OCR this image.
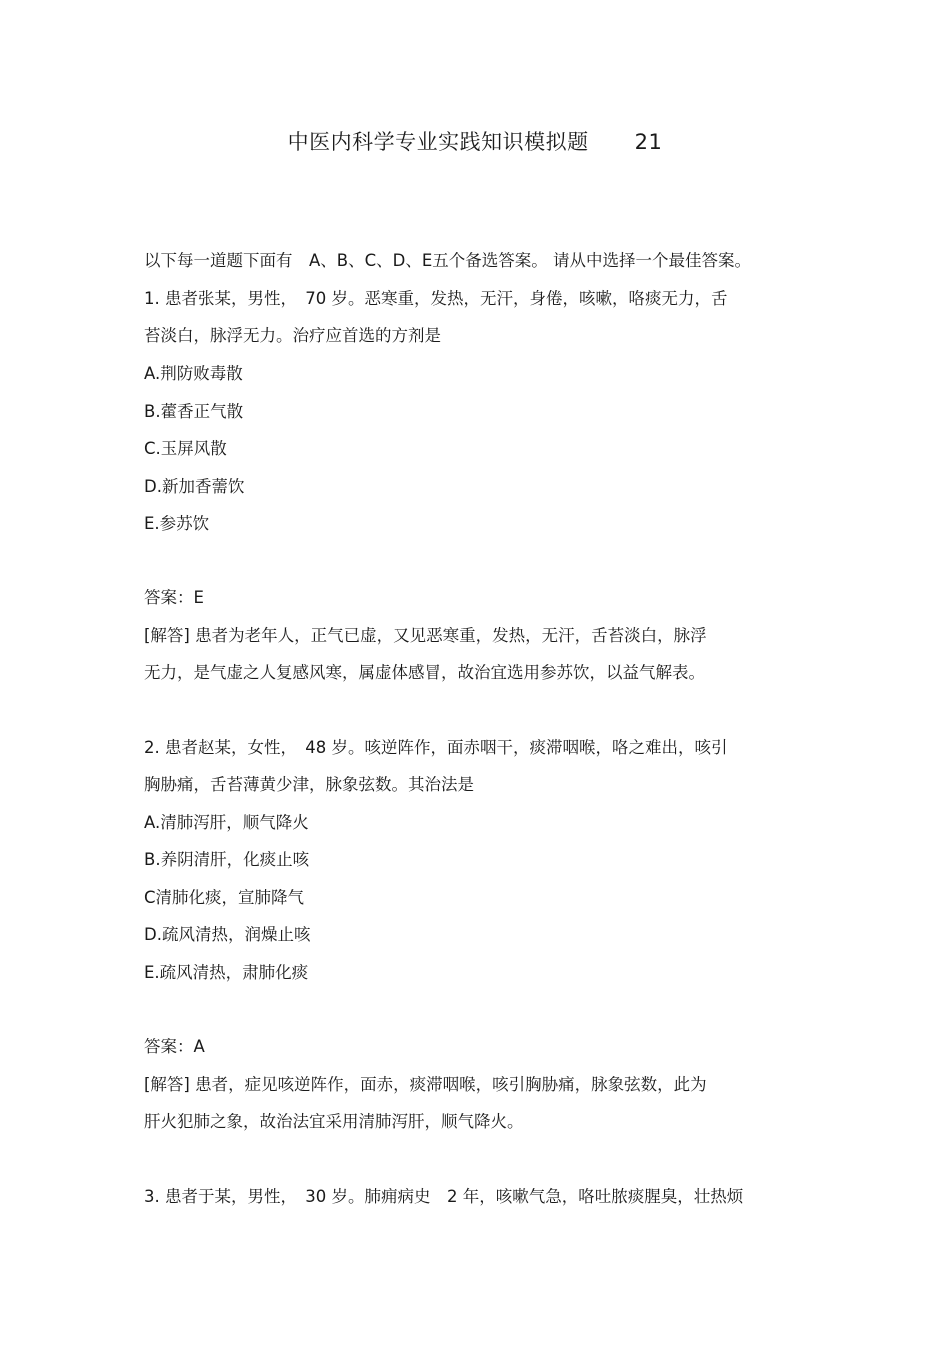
中医内科学专业实践知识模拟题 21
以下每一道题下面有　A、B、C、D、E五个备选答案。 请从中选择一个最佳答案。
1. 患者张某，男性，　70 岁。恶寒重，发热，无汗，身倦，咳嗽，咯痰无力，舌
苔淡白，脉浮无力。治疗应首选的方剂是
A.荆防败毒散
B.藿香正气散
C.玉屏风散
D.新加香薷饮
E.参苏饮
答案：E
[解答] 患者为老年人，正气已虚，又见恶寒重，发热，无汗，舌苔淡白，脉浮
无力，是气虚之人复感风寒，属虚体感冒，故治宜选用参苏饮，以益气解表。
2. 患者赵某，女性，　48 岁。咳逆阵作，面赤咽干，痰滞咽喉，咯之难出，咳引
胸胁痛，舌苔薄黄少津，脉象弦数。其治法是
A.清肺泻肝，顺气降火
B.养阴清肝，化痰止咳
C清肺化痰，宣肺降气
D.疏风清热，润燥止咳
E.疏风清热，肃肺化痰
答案：A
[解答] 患者，症见咳逆阵作，面赤，痰滞咽喉，咳引胸胁痛，脉象弦数，此为
肝火犯肺之象，故治法宜采用清肺泻肝，顺气降火。
3. 患者于某，男性，　30 岁。肺痈病史　2 年，咳嗽气急，咯吐脓痰腥臭，壮热烦
